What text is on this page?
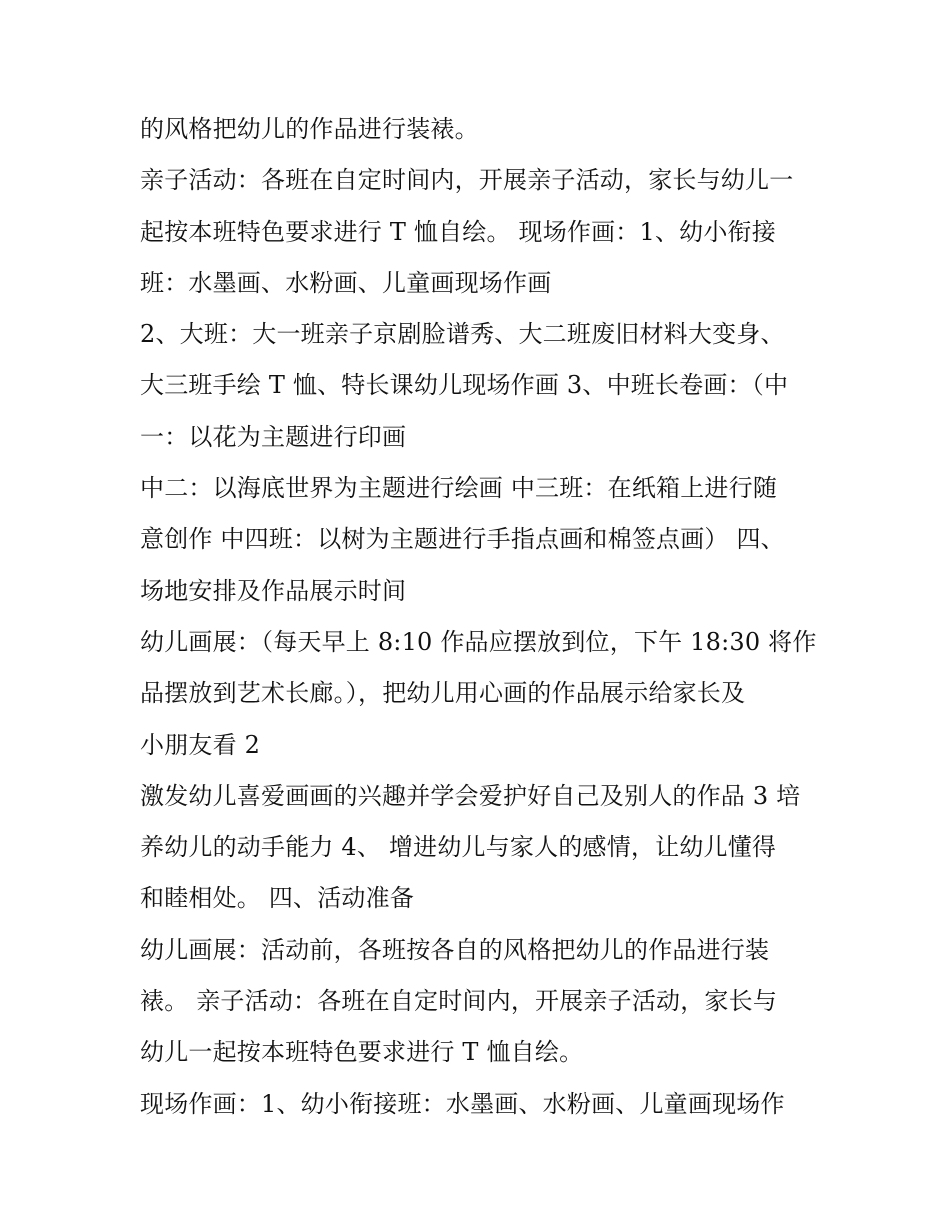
的风格把幼儿的作品进行装裱。
亲子活动：各班在自定时间内，开展亲子活动，家长与幼儿一
起按本班特色要求进行 T 恤自绘。 现场作画：1、幼小衔接
班：水墨画、水粉画、儿童画现场作画
2、大班：大一班亲子京剧脸谱秀、大二班废旧材料大变身、
大三班手绘 T 恤、特长课幼儿现场作画 3、中班长卷画：（中
一：以花为主题进行印画
中二：以海底世界为主题进行绘画 中三班：在纸箱上进行随
意创作 中四班：以树为主题进行手指点画和棉签点画） 四、
场地安排及作品展示时间
幼儿画展：（每天早上 8:10 作品应摆放到位，下午 18:30 将作
品摆放到艺术长廊。），把幼儿用心画的作品展示给家长及
小朋友看 2
激发幼儿喜爱画画的兴趣并学会爱护好自己及别人的作品 3 培
养幼儿的动手能力 4、 增进幼儿与家人的感情，让幼儿懂得
和睦相处。 四、活动准备
幼儿画展：活动前，各班按各自的风格把幼儿的作品进行装
裱。 亲子活动：各班在自定时间内，开展亲子活动，家长与
幼儿一起按本班特色要求进行 T 恤自绘。
现场作画：1、幼小衔接班：水墨画、水粉画、儿童画现场作
